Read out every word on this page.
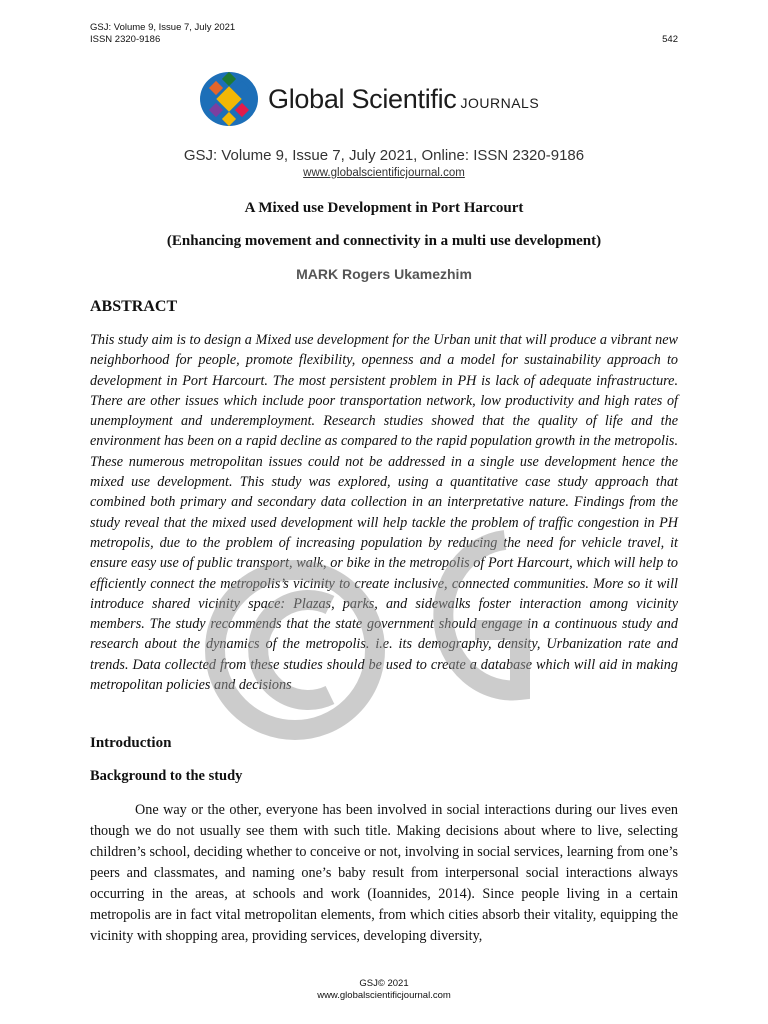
GSJ: Volume 9, Issue 7, July 2021
ISSN 2320-9186	542
Global Scientific JOURNALS
GSJ: Volume 9, Issue 7, July 2021, Online: ISSN 2320-9186
www.globalscientificjournal.com
A Mixed use Development in Port Harcourt
(Enhancing movement and connectivity in a multi use development)
MARK Rogers Ukamezhim
ABSTRACT
This study aim is to design a Mixed use development for the Urban unit that will produce a vibrant new neighborhood for people, promote flexibility, openness and a model for sustainability approach to development in Port Harcourt. The most persistent problem in PH is lack of adequate infrastructure. There are other issues which include poor transportation network, low productivity and high rates of unemployment and underemployment. Research studies showed that the quality of life and the environment has been on a rapid decline as compared to the rapid population growth in the metropolis. These numerous metropolitan issues could not be addressed in a single use development hence the mixed use development. This study was explored, using a quantitative case study approach that combined both primary and secondary data collection in an interpretative nature. Findings from the study reveal that the mixed used development will help tackle the problem of traffic congestion in PH metropolis, due to the problem of increasing population by reducing the need for vehicle travel, it ensure easy use of public transport, walk, or bike in the metropolis of Port Harcourt, which will help to efficiently connect the metropolis’s vicinity to create inclusive, connected communities. More so it will introduce shared vicinity space: Plazas, parks, and sidewalks foster interaction among vicinity members. The study recommends that the state government should engage in a continuous study and research about the dynamics of the metropolis. i.e. its demography, density, Urbanization rate and trends. Data collected from these studies should be used to create a database which will aid in making metropolitan policies and decisions
Introduction
Background to the study
One way or the other, everyone has been involved in social interactions during our lives even though we do not usually see them with such title. Making decisions about where to live, selecting children’s school, deciding whether to conceive or not, involving in social services, learning from one’s peers and classmates, and naming one’s baby result from interpersonal social interactions always occurring in the areas, at schools and work (Ioannides, 2014). Since people living in a certain metropolis are in fact vital metropolitan elements, from which cities absorb their vitality, equipping the vicinity with shopping area, providing services, developing diversity,
GSJ© 2021
www.globalscientificjournal.com
